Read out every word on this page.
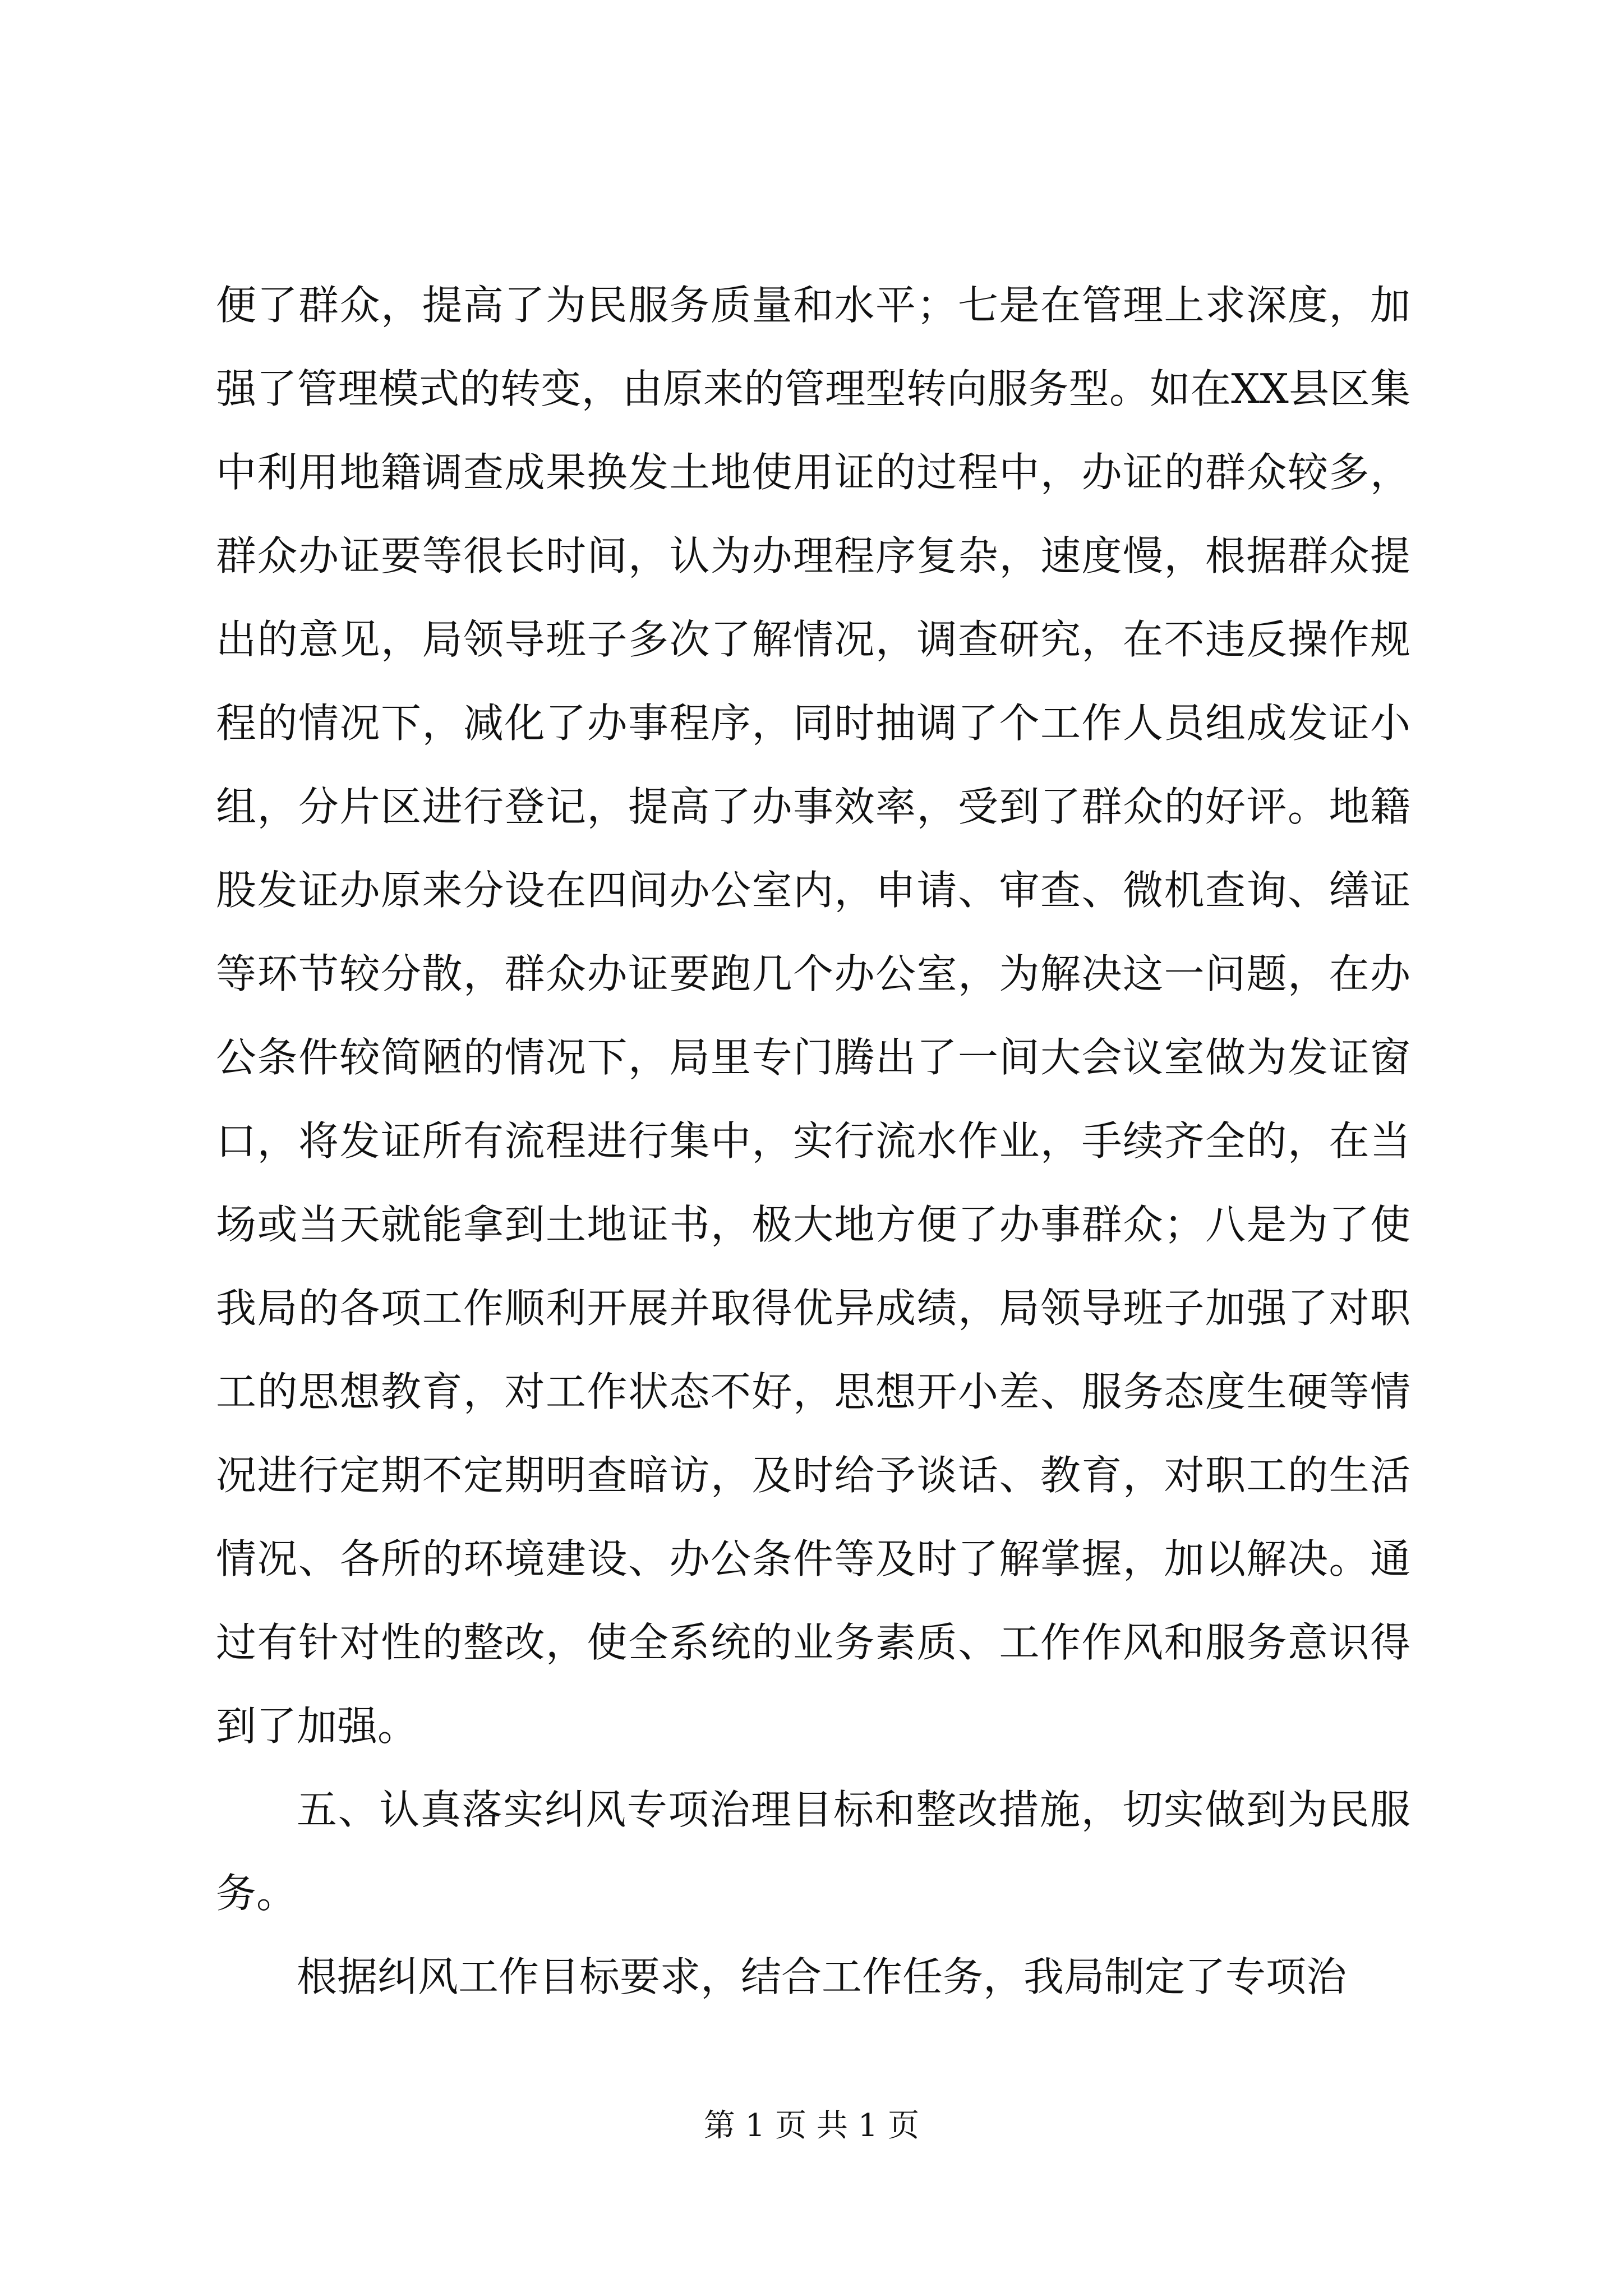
便了群众，提高了为民服务质量和水平；七是在管理上求深度，加强了管理模式的转变，由原来的管理型转向服务型。如在XX县区集中利用地籍调查成果换发土地使用证的过程中，办证的群众较多，群众办证要等很长时间，认为办理程序复杂，速度慢，根据群众提出的意见，局领导班子多次了解情况，调查研究，在不违反操作规程的情况下，减化了办事程序，同时抽调了个工作人员组成发证小组，分片区进行登记，提高了办事效率，受到了群众的好评。地籍股发证办原来分设在四间办公室内，申请、审查、微机查询、缮证等环节较分散，群众办证要跑几个办公室，为解决这一问题，在办公条件较简陋的情况下，局里专门腾出了一间大会议室做为发证窗口，将发证所有流程进行集中，实行流水作业，手续齐全的，在当场或当天就能拿到土地证书，极大地方便了办事群众；八是为了使我局的各项工作顺利开展并取得优异成绩，局领导班子加强了对职工的思想教育，对工作状态不好，思想开小差、服务态度生硬等情况进行定期不定期明查暗访，及时给予谈话、教育，对职工的生活情况、各所的环境建设、办公条件等及时了解掌握，加以解决。通过有针对性的整改，使全系统的业务素质、工作作风和服务意识得到了加强。

五、认真落实纠风专项治理目标和整改措施，切实做到为民服务。

根据纠风工作目标要求，结合工作任务，我局制定了专项治

第 1 页 共 1 页
